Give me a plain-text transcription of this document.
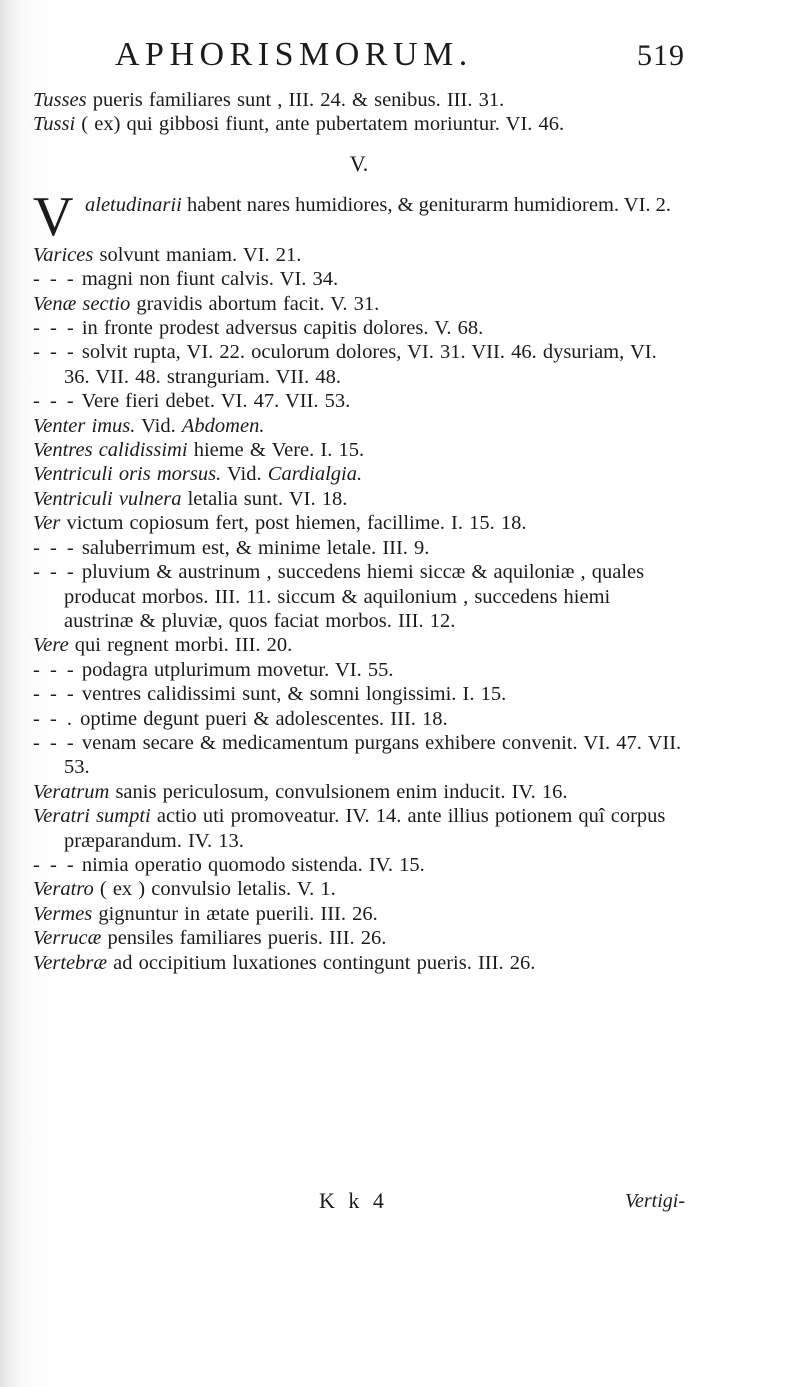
APHORISMORUM.	519
Tusses pueris familiares sunt , III. 24. & senibus. III. 31.
Tussi ( ex) qui gibbosi fiunt, ante pubertatem moriuntur. VI. 46.
V.
V aletudinarii habent nares humidiores, & geniturarm humidiorem. VI. 2.
Varices solvunt maniam. VI. 21.
- - - magni non fiunt calvis. VI. 34.
Venæ sectio gravidis abortum facit. V. 31.
- - - in fronte prodest adversus capitis dolores. V. 68.
- - - solvit rupta, VI. 22. oculorum dolores, VI. 31. VII. 46. dysuriam, VI. 36. VII. 48. stranguriam. VII. 48.
- - - Vere fieri debet. VI. 47. VII. 53.
Venter imus. Vid. Abdomen.
Ventres calidissimi hieme & Vere. I. 15.
Ventriculi oris morsus. Vid. Cardialgia.
Ventriculi vulnera letalia sunt. VI. 18.
Ver victum copiosum fert, post hiemen, facillime. I. 15. 18.
- - - saluberrimum est, & minime letale. III. 9.
- - - pluvium & austrinum , succedens hiemi siccæ & aquiloniæ , quales producat morbos. III. 11. siccum & aquilonium , succedens hiemi austrinæ & pluviæ, quos faciat morbos. III. 12.
Vere qui regnent morbi. III. 20.
- - - podagra utplurimum movetur. VI. 55.
- - - ventres calidissimi sunt, & somni longissimi. I. 15.
- - . optime degunt pueri & adolescentes. III. 18.
- - - venam secare & medicamentum purgans exhibere convenit. VI. 47. VII. 53.
Veratrum sanis periculosum, convulsionem enim inducit. IV. 16.
Veratri sumpti actio uti promoveatur. IV. 14. ante illius potionem quî corpus præparandum. IV. 13.
- - - nimia operatio quomodo sistenda. IV. 15.
Veratro ( ex ) convulsio letalis. V. 1.
Vermes gignuntur in ætate puerili. III. 26.
Verrucæ pensiles familiares pueris. III. 26.
Vertebræ ad occipitium luxationes contingunt pueris. III. 26.
K k 4	Vertigi-
